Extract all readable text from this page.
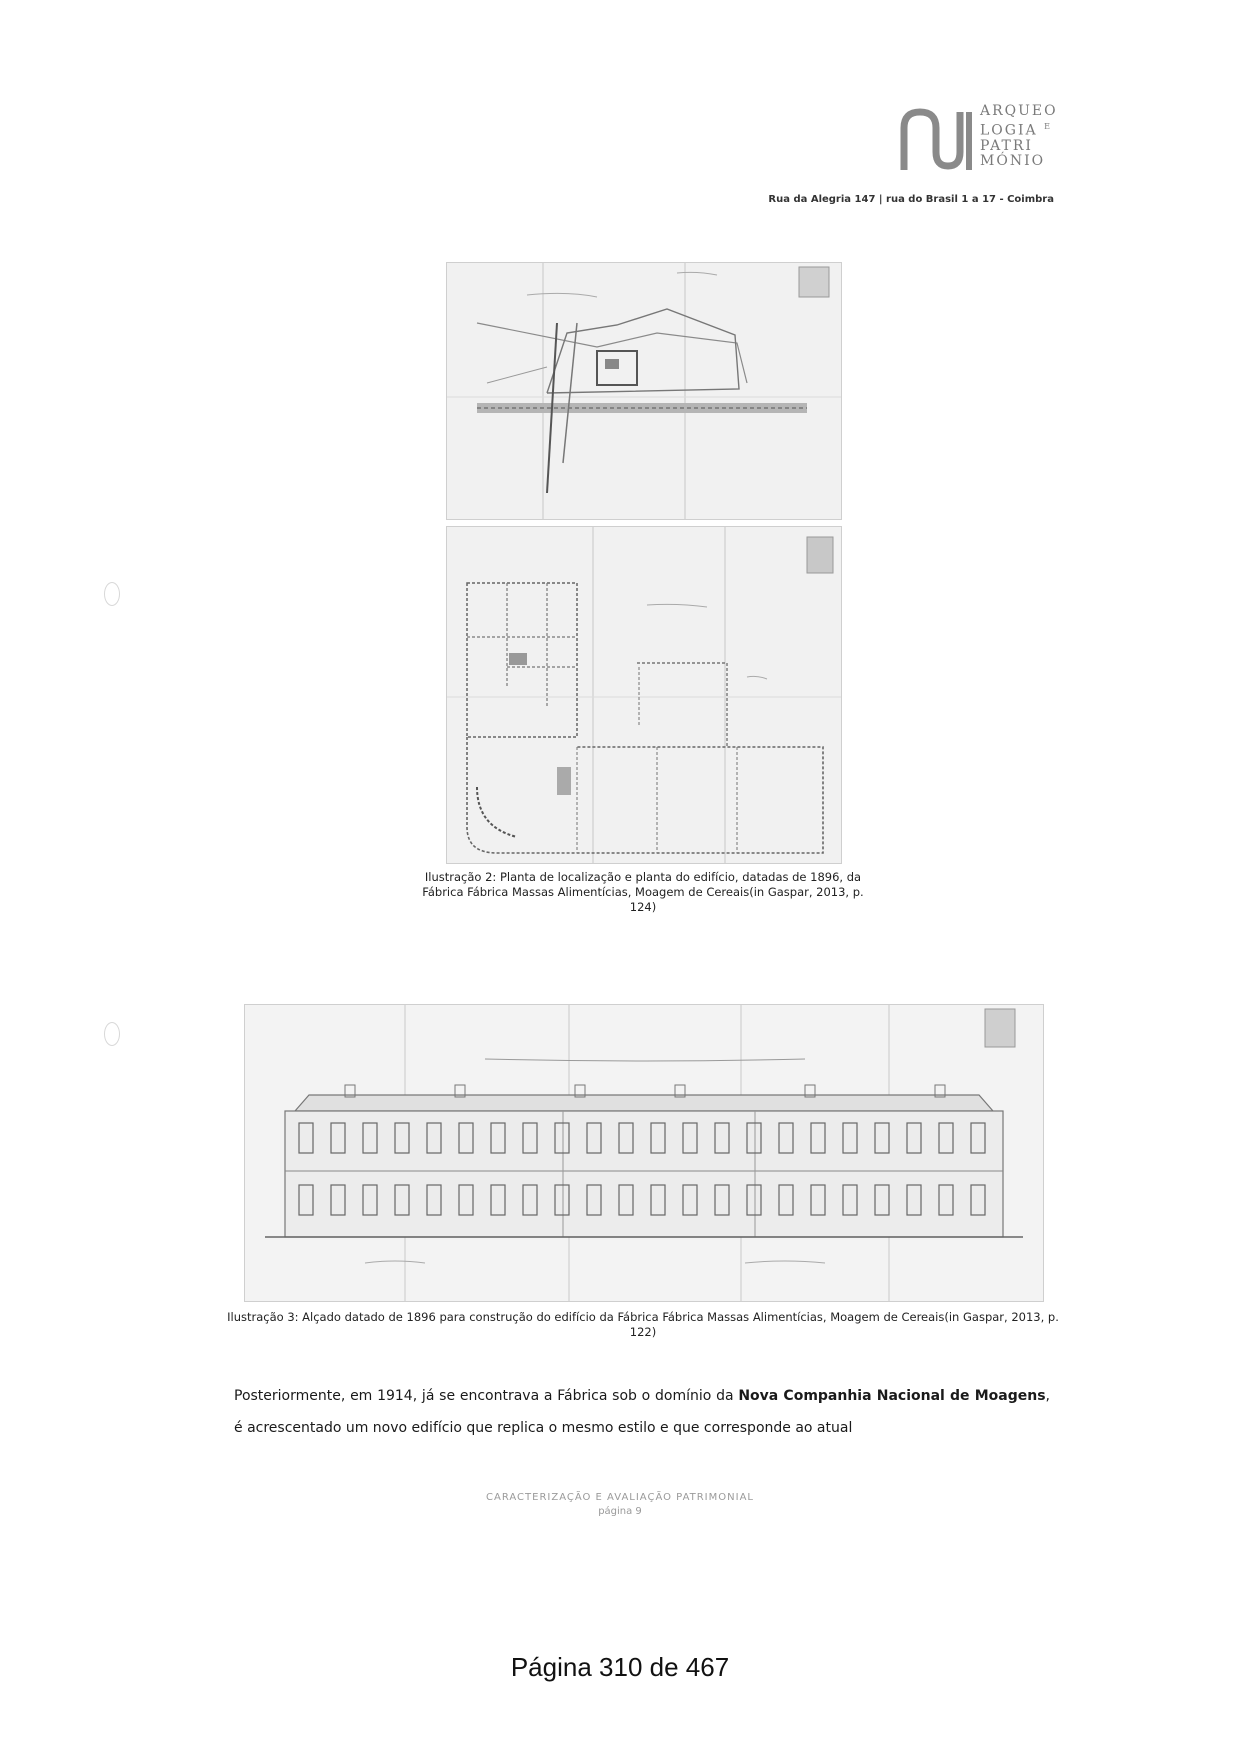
ARQUEO
LOGIA $^E$
PATRI
MÓNIO
Rua da Alegria 147 | rua do Brasil 1 a 17 - Coimbra
Ilustração 2: Planta de localização e planta do edifício, datadas de 1896, da Fábrica Fábrica Massas Alimentícias, Moagem de Cereais(in Gaspar, 2013, p. 124)
Ilustração 3: Alçado datado de 1896 para construção do edifício da Fábrica Fábrica Massas Alimentícias, Moagem de Cereais(in Gaspar, 2013, p. 122)
Posteriormente, em 1914, já se encontrava a Fábrica sob o domínio da Nova Companhia Nacional de Moagens, é acrescentado um novo edifício que replica o mesmo estilo e que corresponde ao atual
CARACTERIZAÇÃO E AVALIAÇÃO PATRIMONIAL
página 9
Página 310 de 467
